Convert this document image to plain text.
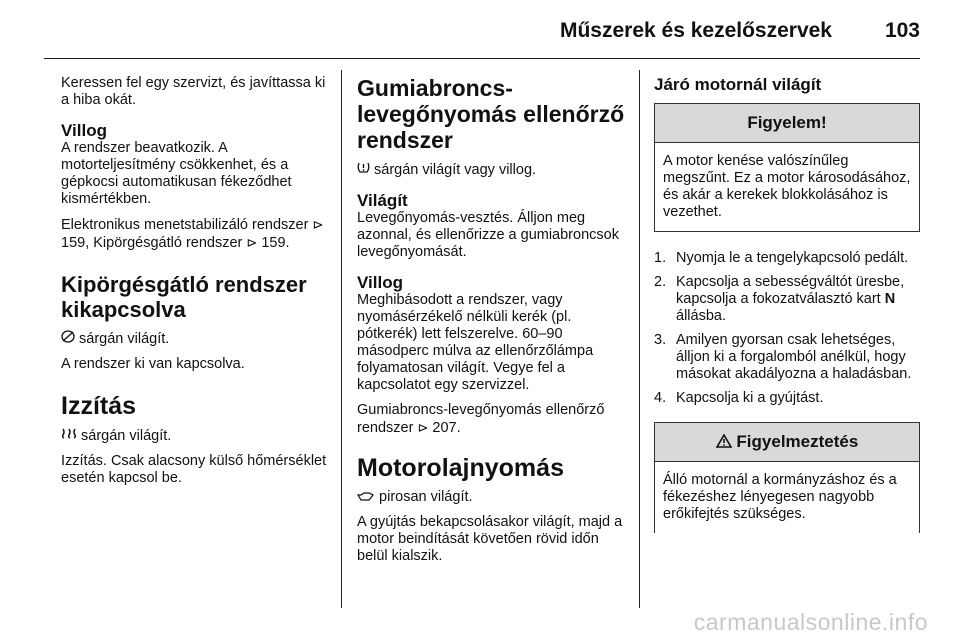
Műszerek és kezelőszervek	103

Keressen fel egy szervizt, és javíttassa ki a hiba okát.

Villog

A rendszer beavatkozik. A motorteljesítmény csökkenhet, és a gépkocsi automatikusan fékeződhet kismértékben.

Elektronikus menetstabilizáló rendszer ⊳ 159, Kipörgésgátló rendszer ⊳ 159.

Kipörgésgátló rendszer kikapcsolva

sárgán világít.

A rendszer ki van kapcsolva.

Izzítás

sárgán világít.

Izzítás. Csak alacsony külső hőmérséklet esetén kapcsol be.

Gumiabroncs-levegőnyomás ellenőrző rendszer

sárgán világít vagy villog.

Világít

Levegőnyomás-vesztés. Álljon meg azonnal, és ellenőrizze a gumiabroncsok levegőnyomását.

Villog

Meghibásodott a rendszer, vagy nyomásérzékelő nélküli kerék (pl. pótkerék) lett felszerelve. 60–90 másodperc múlva az ellenőrzőlámpa folyamatosan világít. Vegye fel a kapcsolatot egy szervizzel.

Gumiabroncs-levegőnyomás ellenőrző rendszer ⊳ 207.

Motorolajnyomás

pirosan világít.

A gyújtás bekapcsolásakor világít, majd a motor beindítását követően rövid időn belül kialszik.

Járó motornál világít
Figyelem!
A motor kenése valószínűleg megszűnt. Ez a motor károsodásához, és akár a kerekek blokkolásához is vezethet.
1. Nyomja le a tengelykapcsoló pedált.
2. Kapcsolja a sebességváltót üresbe, kapcsolja a fokozatválasztó kart N állásba.
3. Amilyen gyorsan csak lehetséges, álljon ki a forgalomból anélkül, hogy másokat akadályozna a haladásban.
4. Kapcsolja ki a gyújtást.
Figyelmeztetés
Álló motornál a kormányzáshoz és a fékezéshez lényegesen nagyobb erőkifejtés szükséges.
carmanualsonline.info
